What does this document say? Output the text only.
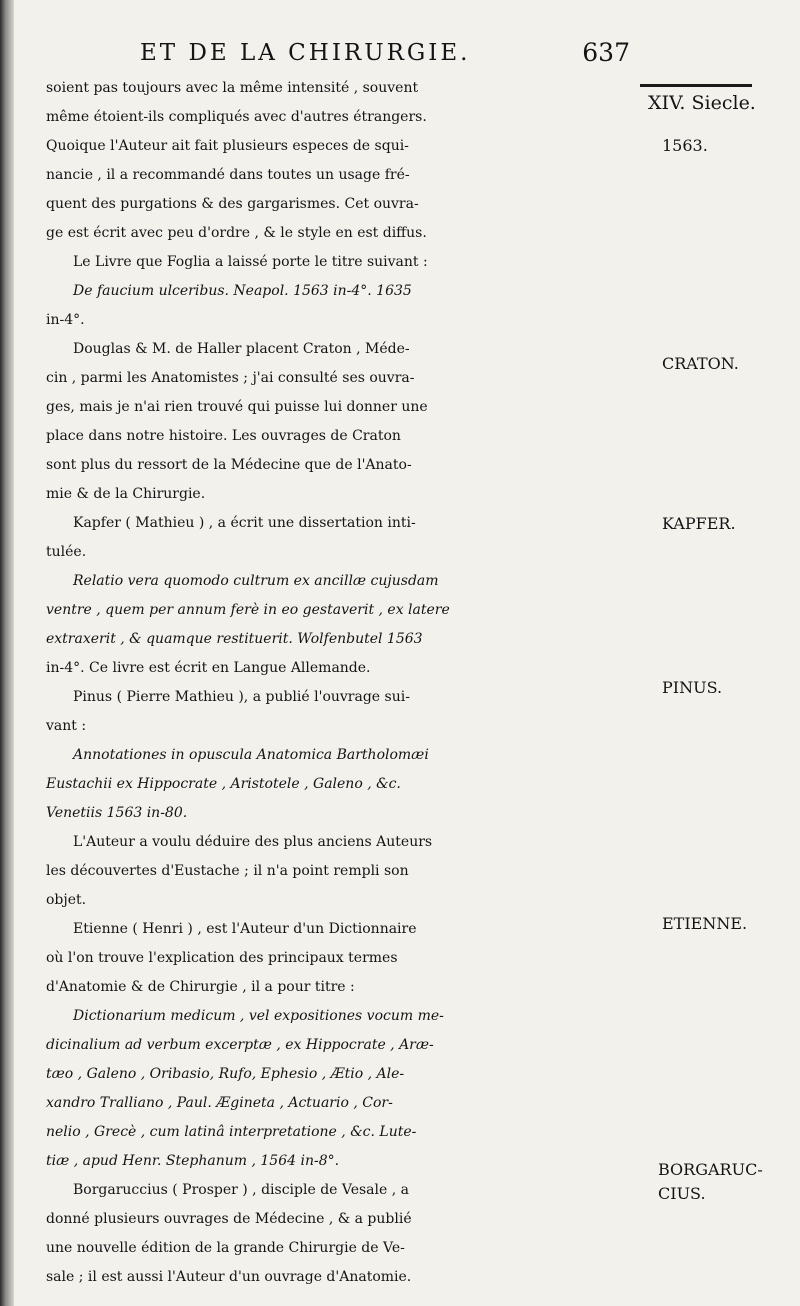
ET DE LA CHIRURGIE.	637
XIV. Siecle.
1563.
CRATON.
KAPFER.
PINUS.
ETIENNE.
BORGARUC-
CIUS.
soient pas toujours avec la même intensité , souvent
même étoient-ils compliqués avec d'autres étrangers.
Quoique l'Auteur ait fait plusieurs especes de squi-
nancie , il a recommandé dans toutes un usage fré-
quent des purgations & des gargarismes. Cet ouvra-
ge est écrit avec peu d'ordre , & le style en est diffus.
Le Livre que Foglia a laissé porte le titre suivant :
De faucium ulceribus. Neapol. 1563 in-4°. 1635
in-4°.
Douglas & M. de Haller placent Craton , Méde-
cin , parmi les Anatomistes ; j'ai consulté ses ouvra-
ges, mais je n'ai rien trouvé qui puisse lui donner une
place dans notre histoire. Les ouvrages de Craton
sont plus du ressort de la Médecine que de l'Anato-
mie & de la Chirurgie.
Kapfer ( Mathieu ) , a écrit une dissertation inti-
tulée.
Relatio vera quomodo cultrum ex ancillæ cujusdam
ventre , quem per annum ferè in eo gestaverit , ex latere
extraxerit , & quamque restituerit. Wolfenbutel 1563
in-4°. Ce livre est écrit en Langue Allemande.
Pinus ( Pierre Mathieu ), a publié l'ouvrage sui-
vant :
Annotationes in opuscula Anatomica Bartholomæi
Eustachii ex Hippocrate , Aristotele , Galeno , &c.
Venetiis 1563 in-80.
L'Auteur a voulu déduire des plus anciens Auteurs
les découvertes d'Eustache ; il n'a point rempli son
objet.
Etienne ( Henri ) , est l'Auteur d'un Dictionnaire
où l'on trouve l'explication des principaux termes
d'Anatomie & de Chirurgie , il a pour titre :
Dictionarium medicum , vel expositiones vocum me-
dicinalium ad verbum excerptæ , ex Hippocrate , Aræ-
tæo , Galeno , Oribasio, Rufo, Ephesio , Ætio , Ale-
xandro Tralliano , Paul. Ægineta , Actuario , Cor-
nelio , Grecè , cum latinâ interpretatione , &c. Lute-
tiæ , apud Henr. Stephanum , 1564 in-8°.
Borgaruccius ( Prosper ) , disciple de Vesale , a
donné plusieurs ouvrages de Médecine , & a publié
une nouvelle édition de la grande Chirurgie de Ve-
sale ; il est aussi l'Auteur d'un ouvrage d'Anatomie.
